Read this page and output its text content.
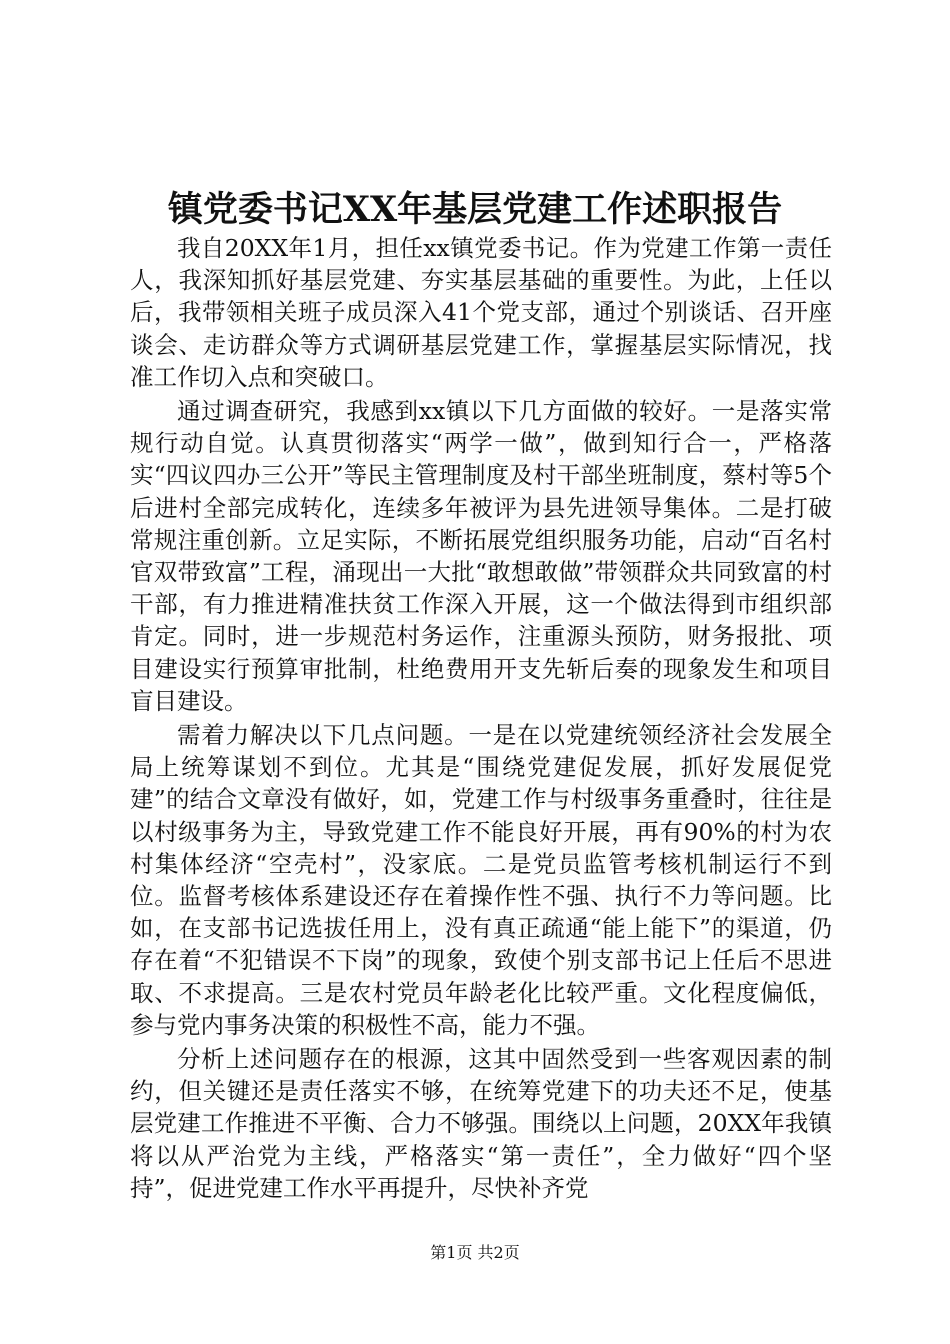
镇党委书记XX年基层党建工作述职报告

我自20XX年1月，担任xx镇党委书记。作为党建工作第一责任人，我深知抓好基层党建、夯实基层基础的重要性。为此，上任以后，我带领相关班子成员深入41个党支部，通过个别谈话、召开座谈会、走访群众等方式调研基层党建工作，掌握基层实际情况，找准工作切入点和突破口。

通过调查研究，我感到xx镇以下几方面做的较好。一是落实常规行动自觉。认真贯彻落实“两学一做”，做到知行合一，严格落实“四议四办三公开”等民主管理制度及村干部坐班制度，蔡村等5个后进村全部完成转化，连续多年被评为县先进领导集体。二是打破常规注重创新。立足实际，不断拓展党组织服务功能，启动“百名村官双带致富”工程，涌现出一大批“敢想敢做”带领群众共同致富的村干部，有力推进精准扶贫工作深入开展，这一个做法得到市组织部肯定。同时，进一步规范村务运作，注重源头预防，财务报批、项目建设实行预算审批制，杜绝费用开支先斩后奏的现象发生和项目盲目建设。

需着力解决以下几点问题。一是在以党建统领经济社会发展全局上统筹谋划不到位。尤其是“围绕党建促发展，抓好发展促党建”的结合文章没有做好，如，党建工作与村级事务重叠时，往往是以村级事务为主，导致党建工作不能良好开展，再有90%的村为农村集体经济“空壳村”，没家底。二是党员监管考核机制运行不到位。监督考核体系建设还存在着操作性不强、执行不力等问题。比如，在支部书记选拔任用上，没有真正疏通“能上能下”的渠道，仍存在着“不犯错误不下岗”的现象，致使个别支部书记上任后不思进取、不求提高。三是农村党员年龄老化比较严重。文化程度偏低，参与党内事务决策的积极性不高，能力不强。

分析上述问题存在的根源，这其中固然受到一些客观因素的制约，但关键还是责任落实不够，在统筹党建下的功夫还不足，使基层党建工作推进不平衡、合力不够强。围绕以上问题，20XX年我镇将以从严治党为主线，严格落实“第一责任”，全力做好“四个坚持”，促进党建工作水平再提升，尽快补齐党

第1页 共2页
